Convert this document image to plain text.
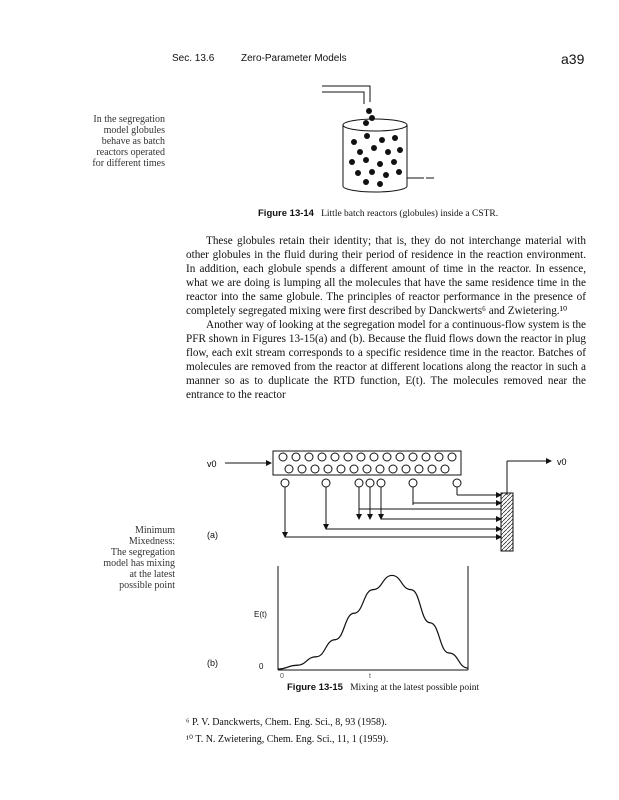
Sec. 13.6	Zero-Parameter Models	a39
In the segregation
model globules
behave as batch
reactors operated
for different times
Figure 13-14 Little batch reactors (globules) inside a CSTR.

These globules retain their identity; that is, they do not interchange material with other globules in the fluid during their period of residence in the reaction environment. In addition, each globule spends a different amount of time in the reactor. In essence, what we are doing is lumping all the molecules that have the same residence time in the reactor into the same globule. The principles of reactor performance in the presence of completely segregated mixing were first described by Danckwerts⁶ and Zwietering.¹⁰

Another way of looking at the segregation model for a continuous-flow system is the PFR shown in Figures 13-15(a) and (b). Because the fluid flows down the reactor in plug flow, each exit stream corresponds to a specific residence time in the reactor. Batches of molecules are removed from the reactor at different locations along the reactor in such a manner so as to duplicate the RTD function, E(t). The molecules removed near the entrance to the reactor

Minimum
Mixedness:
The segregation
model has mixing
at the latest
possible point
v0	v0
(a)
E(t)
(b)	0
0	t
Figure 13-15 Mixing at the latest possible point
⁶ P. V. Danckwerts, Chem. Eng. Sci., 8, 93 (1958).
¹⁰ T. N. Zwietering, Chem. Eng. Sci., 11, 1 (1959).
